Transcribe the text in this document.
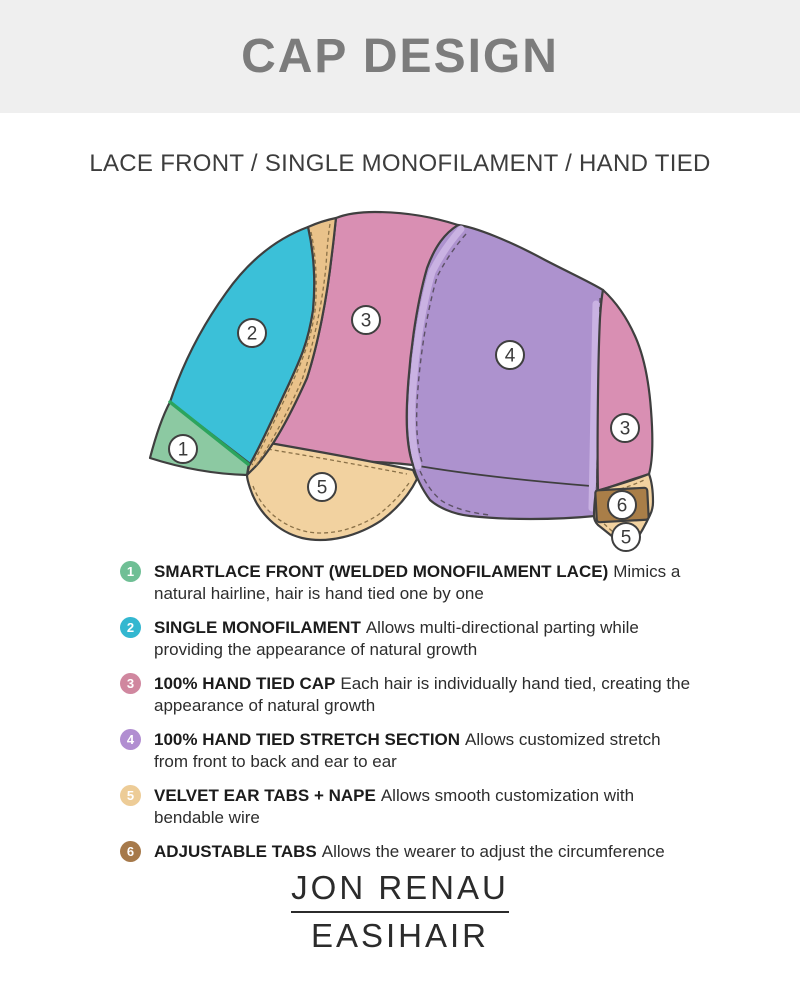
CAP DESIGN
LACE FRONT / SINGLE MONOFILAMENT / HAND TIED
1
2
3
4
3
5
6
5
1	SMARTLACE FRONT (WELDED MONOFILAMENT LACE) Mimics a natural hairline, hair is hand tied one by one

2	SINGLE MONOFILAMENT Allows multi-directional parting while providing the appearance of natural growth

3	100% HAND TIED CAP Each hair is individually hand tied, creating the appearance of natural growth

4	100% HAND TIED STRETCH SECTION Allows customized stretch from front to back and ear to ear

5	VELVET EAR TABS + NAPE Allows smooth customization with bendable wire

6	ADJUSTABLE TABS Allows the wearer to adjust the circumference

JON RENAU
EASIHAIR
